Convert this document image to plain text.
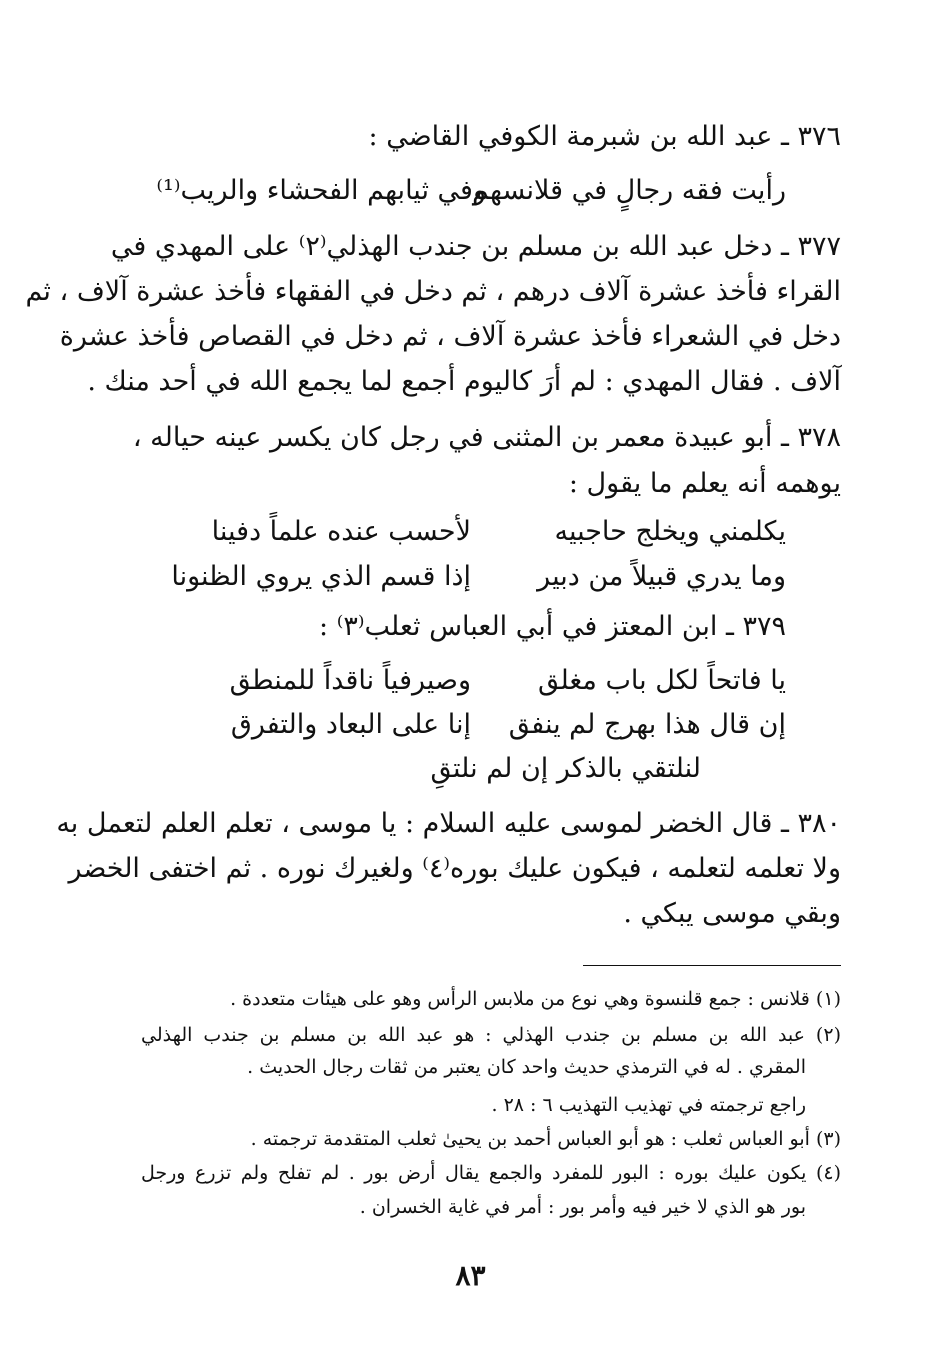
٣٧٦ ـ عبد الله بن شبرمة الكوفي القاضي :
رأيت فقه رجالٍ في قلانسهم
وفي ثيابهم الفحشاء والريب⁽¹⁾
٣٧٧ ـ دخل عبد الله بن مسلم بن جندب الهذلي⁽٢⁾ على المهدي في
القراء فأخذ عشرة آلاف درهم ، ثم دخل في الفقهاء فأخذ عشرة آلاف ، ثم
دخل في الشعراء فأخذ عشرة آلاف ، ثم دخل في القصاص فأخذ عشرة
آلاف . فقال المهدي : لم أرَ كاليوم أجمع لما يجمع الله في أحد منك .
٣٧٨ ـ أبو عبيدة معمر بن المثنى في رجل كان يكسر عينه حياله ،
يوهمه أنه يعلم ما يقول :
يكلمني ويخلج حاجبيه
لأحسب عنده علماً دفينا
وما يدري قبيلاً من دبير
إذا قسم الذي يروي الظنونا
٣٧٩ ـ ابن المعتز في أبي العباس ثعلب⁽٣⁾ :
يا فاتحاً لكل باب مغلق
وصيرفياً ناقداً للمنطق
إن قال هذا بهرج لم ينفق
إنا على البعاد والتفرق
لنلتقي بالذكر إن لم نلتقِ
٣٨٠ ـ قال الخضر لموسى عليه السلام : يا موسى ، تعلم العلم لتعمل به
ولا تعلمه لتعلمه ، فيكون عليك بوره⁽٤⁾ ولغيرك نوره . ثم اختفى الخضر
وبقي موسى يبكي .
(١) قلانس : جمع قلنسوة وهي نوع من ملابس الرأس وهو على هيئات متعددة .
(٢) عبد الله بن مسلم بن جندب الهذلي : هو عبد الله بن مسلم بن جندب الهذلي
المقري . له في الترمذي حديث واحد كان يعتبر من ثقات رجال الحديث .
راجع ترجمته في تهذيب التهذيب ٦ : ٢٨ .
(٣) أبو العباس ثعلب : هو أبو العباس أحمد بن يحيىٰ ثعلب المتقدمة ترجمته .
(٤) يكون عليك بوره : البور للمفرد والجمع يقال أرض بور . لم تفلح ولم تزرع ورجل
بور هو الذي لا خير فيه وأمر بور : أمر في غاية الخسران .
٨٣
